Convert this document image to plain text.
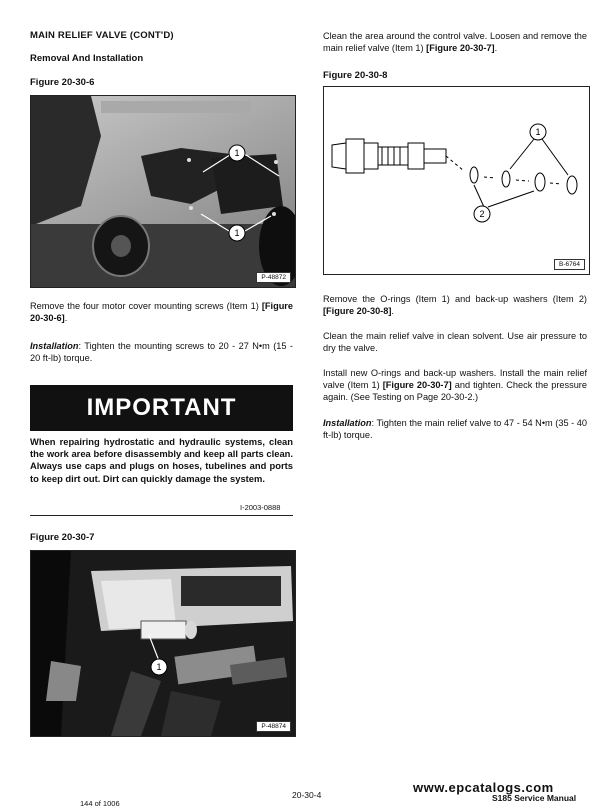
MAIN RELIEF VALVE (CONT'D)
Removal And Installation
Figure 20-30-6
1
1
P-48872
Remove the four motor cover mounting screws (Item 1) [Figure 20-30-6].
Installation: Tighten the mounting screws to 20 - 27 N•m (15 - 20 ft-lb) torque.
IMPORTANT
When repairing hydrostatic and hydraulic systems, clean the work area before disassembly and keep all parts clean. Always use caps and plugs on hoses, tubelines and ports to keep dirt out. Dirt can quickly damage the system.
I-2003-0888
Figure 20-30-7
1
P-48874
Clean the area around the control valve. Loosen and remove the main relief valve (Item 1) [Figure 20-30-7].
Figure 20-30-8
1
2
B-6764
Remove the O-rings (Item 1) and back-up washers (Item 2) [Figure 20-30-8].
Clean the main relief valve in clean solvent. Use air pressure to dry the valve.
Install new O-rings and back-up washers. Install the main relief valve (Item 1) [Figure 20-30-7] and tighten. Check the pressure again. (See Testing on Page 20-30-2.)
Installation: Tighten the main relief valve to 47 - 54 N•m (35 - 40 ft-lb) torque.
20-30-4
144 of 1006
www.epcatalogs.com
S185 Service Manual
